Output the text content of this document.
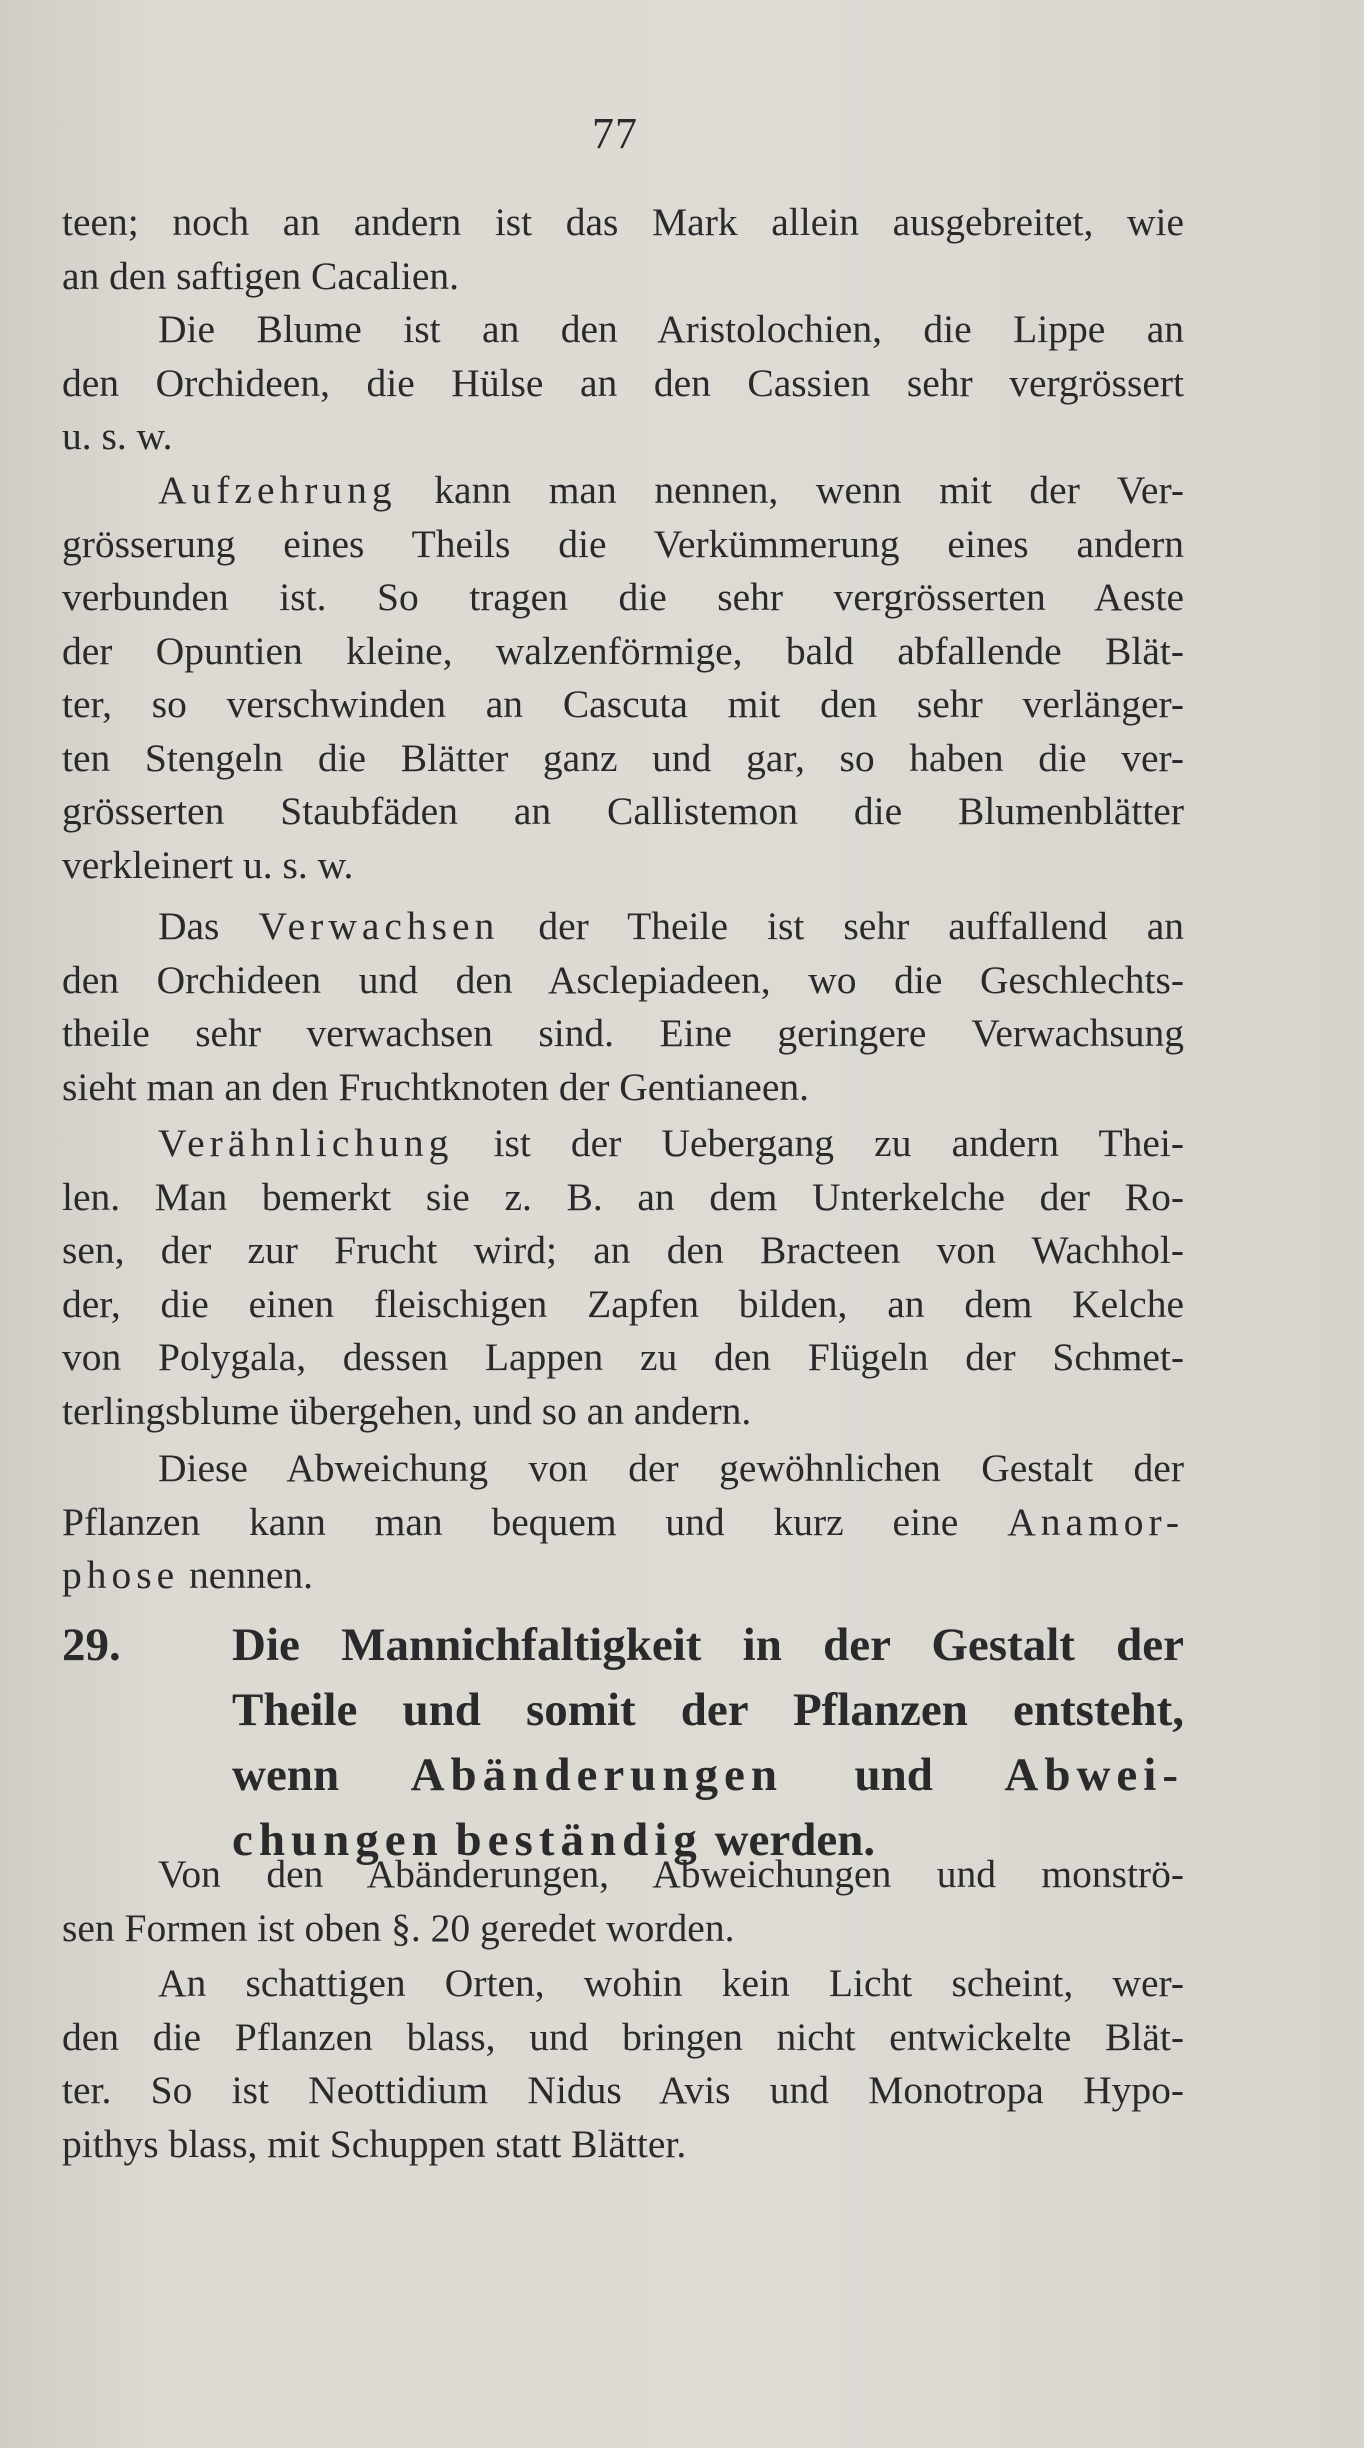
77
teen; noch an andern ist das Mark allein ausgebreitet, wie
an den saftigen Cacalien.
Die Blume ist an den Aristolochien, die Lippe an
den Orchideen, die Hülse an den Cassien sehr vergrössert
u. s. w.
Aufzehrung kann man nennen, wenn mit der Ver-
grösserung eines Theils die Verkümmerung eines andern
verbunden ist. So tragen die sehr vergrösserten Aeste
der Opuntien kleine, walzenförmige, bald abfallende Blät-
ter, so verschwinden an Cascuta mit den sehr verlänger-
ten Stengeln die Blätter ganz und gar, so haben die ver-
grösserten Staubfäden an Callistemon die Blumenblätter
verkleinert u. s. w.
Das Verwachsen der Theile ist sehr auffallend an
den Orchideen und den Asclepiadeen, wo die Geschlechts-
theile sehr verwachsen sind. Eine geringere Verwachsung
sieht man an den Fruchtknoten der Gentianeen.
Verähnlichung ist der Uebergang zu andern Thei-
len. Man bemerkt sie z. B. an dem Unterkelche der Ro-
sen, der zur Frucht wird; an den Bracteen von Wachhol-
der, die einen fleischigen Zapfen bilden, an dem Kelche
von Polygala, dessen Lappen zu den Flügeln der Schmet-
terlingsblume übergehen, und so an andern.
Diese Abweichung von der gewöhnlichen Gestalt der
Pflanzen kann man bequem und kurz eine Anamor-
phose nennen.
29.	Die Mannichfaltigkeit in der Gestalt der
Theile und somit der Pflanzen entsteht,
wenn Abänderungen und Abwei-
chungen beständig werden.
Von den Abänderungen, Abweichungen und monströ-
sen Formen ist oben §. 20 geredet worden.
An schattigen Orten, wohin kein Licht scheint, wer-
den die Pflanzen blass, und bringen nicht entwickelte Blät-
ter. So ist Neottidium Nidus Avis und Monotropa Hypo-
pithys blass, mit Schuppen statt Blätter.
